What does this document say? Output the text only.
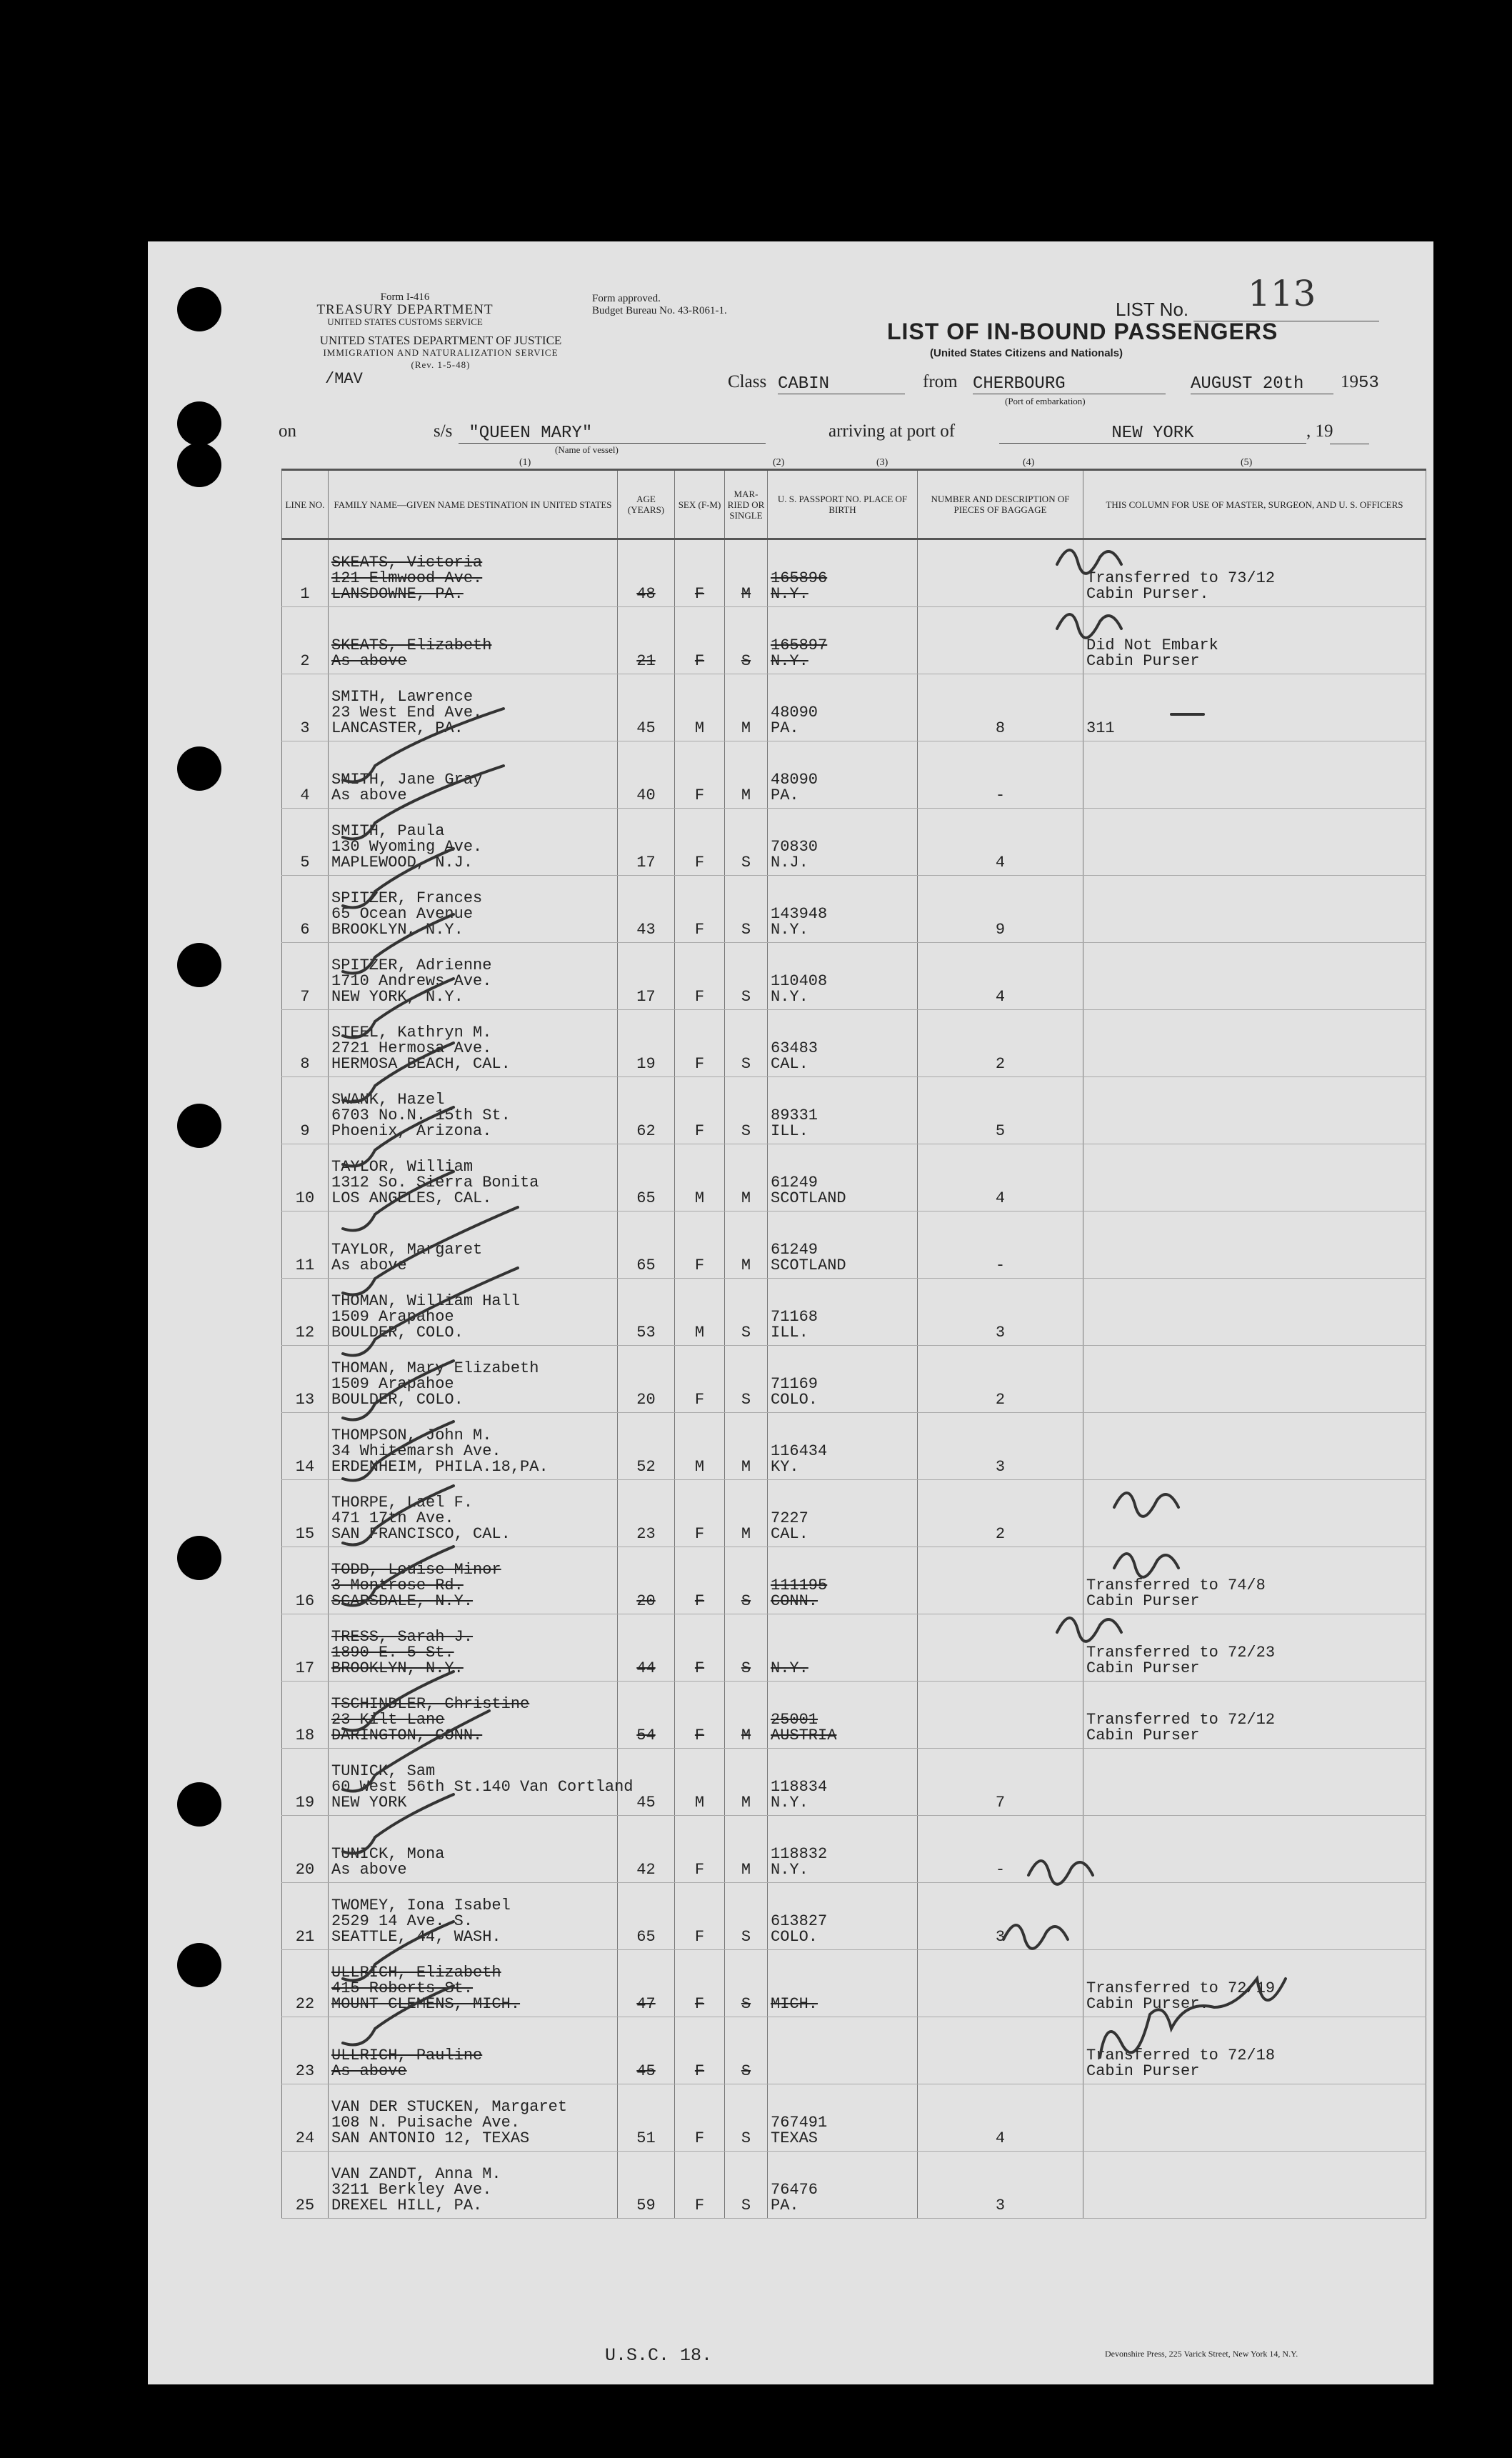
Form I-416
TREASURY DEPARTMENT
UNITED STATES CUSTOMS SERVICE
Form approved.
Budget Bureau No. 43-R061-1.
UNITED STATES DEPARTMENT OF JUSTICE
IMMIGRATION AND NATURALIZATION SERVICE
(Rev. 1-5-48)
LIST No.	113
LIST OF IN-BOUND PASSENGERS
(United States Citizens and Nationals)
/MAV	Class CABIN	from CHERBOURG
(Port of embarkation)
AUGUST 20th	1953
on	s/s "QUEEN MARY"
(Name of vessel)
arriving at port of	NEW YORK	, 19
(1)	(2)	(3)	(4)	(5)
LINE NO.	FAMILY NAME—GIVEN NAME DESTINATION IN UNITED STATES	AGE (YEARS)	SEX (F-M)	MAR-RIED OR SINGLE	U. S. PASSPORT NO. PLACE OF BIRTH	NUMBER AND DESCRIPTION OF PIECES OF BAGGAGE	THIS COLUMN FOR USE OF MASTER, SURGEON, AND U. S. OFFICERS
1	SKEATS, Victoria
121 Elmwood Ave.
LANSDOWNE, PA.	48	F	M	165896
N.Y.		Transferred to 73/12
Cabin Purser.
2	SKEATS, Elizabeth
As above	21	F	S	165897
N.Y.		Did Not Embark
Cabin Purser
3	SMITH, Lawrence
23 West End Ave.
LANCASTER, PA.	45	M	M	48090
PA.	8	311
4	SMITH, Jane Gray
As above	40	F	M	48090
PA.	-	
5	SMITH, Paula
130 Wyoming Ave.
MAPLEWOOD, N.J.	17	F	S	70830
N.J.	4	
6	SPITZER, Frances
65 Ocean Avenue
BROOKLYN, N.Y.	43	F	S	143948
N.Y.	9	
7	SPITZER, Adrienne
1710 Andrews Ave.
NEW YORK, N.Y.	17	F	S	110408
N.Y.	4	
8	STEEL, Kathryn M.
2721 Hermosa Ave.
HERMOSA BEACH, CAL.	19	F	S	63483
CAL.	2	
9	SWANK, Hazel
6703 No.N. 15th St.
Phoenix, Arizona.	62	F	S	89331
ILL.	5	
10	TAYLOR, William
1312 So. Sierra Bonita
LOS ANGELES, CAL.	65	M	M	61249
SCOTLAND	4	
11	TAYLOR, Margaret
As above	65	F	M	61249
SCOTLAND	-	
12	THOMAN, William Hall
1509 Arapahoe
BOULDER, COLO.	53	M	S	71168
ILL.	3	
13	THOMAN, Mary Elizabeth
1509 Arapahoe
BOULDER, COLO.	20	F	S	71169
COLO.	2	
14	THOMPSON, John M.
34 Whitemarsh Ave.
ERDENHEIM, PHILA.18,PA.	52	M	M	116434
KY.	3	
15	THORPE, Lael F.
471 17th Ave.
SAN FRANCISCO, CAL.	23	F	M	7227
CAL.	2	
16	TODD, Louise Minor
3 Montrose Rd.
SCARSDALE, N.Y.	20	F	S	111195
CONN.		Transferred to 74/8
Cabin Purser
17	TRESS, Sarah J.
1890 E. 5 St.
BROOKLYN, N.Y.	44	F	S	N.Y.		Transferred to 72/23
Cabin Purser
18	TSCHINDLER, Christine
23 Kilt Lane
DARINGTON, CONN.	54	F	M	25001
AUSTRIA		Transferred to 72/12
Cabin Purser
19	TUNICK, Sam
60 West 56th St.140 Van Cortland
NEW YORK	45	M	M	118834
N.Y.	7	
20	TUNICK, Mona
As above	42	F	M	118832
N.Y.	-	
21	TWOMEY, Iona Isabel
2529 14 Ave. S.
SEATTLE, 44, WASH.	65	F	S	613827
COLO.	3	
22	ULLRICH, Elizabeth
415 Roberts St.
MOUNT CLEMENS, MICH.	47	F	S	MICH.		Transferred to 72/19
Cabin Purser.
23	ULLRICH, Pauline
As above	45	F	S			Transferred to 72/18
Cabin Purser
24	VAN DER STUCKEN, Margaret
108 N. Puisache Ave.
SAN ANTONIO 12, TEXAS	51	F	S	767491
TEXAS	4	
25	VAN ZANDT, Anna M.
3211 Berkley Ave.
DREXEL HILL, PA.	59	F	S	76476
PA.	3	
U.S.C. 18.	Devonshire Press, 225 Varick Street, New York 14, N.Y.
